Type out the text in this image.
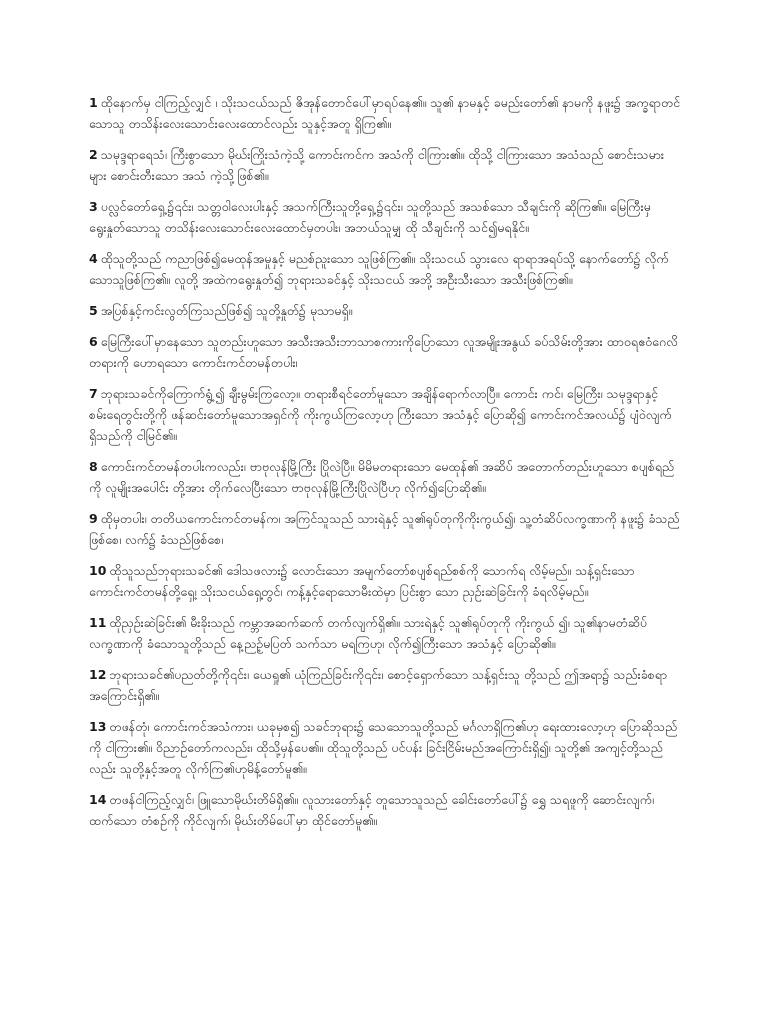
1 ထိုနောက်မှ ငါကြည့်လျှင် ၊ သိုးသငယ်သည် ဇိအုန်တောင်ပေါ်မှာရပ်နေ၏။ သူ၏ နာမနှင့် ခမည်းတော်၏ နာမကို နဖူး၌ အက္ခရာတင်သောသူ တသိန်းလေးသောင်းလေးထောင်လည်း သူနှင့်အတူ ရှိကြ၏။

2 သမုဒ္ဒရာရေသံ၊ ကြီးစွာသော မိုဃ်းကြိုးသံကဲ့သို့ ကောင်းကင်က အသံကို ငါကြား၏။ ထိုသို့ ငါကြားသော အသံသည် စောင်းသမားများ စောင်းတီးသော အသံ ကဲ့သို့ဖြစ်၏။

3 ပလ္လင်တော်ရှေ့၌၎င်း၊ သတ္တဝါလေးပါးနှင့် အသက်ကြီးသူတို့ရှေ့၌၎င်း၊ သူတို့သည် အသစ်သော သီချင်းကို ဆိုကြ၏။ မြေကြီးမှရွေးနှုတ်သောသူ တသိန်းလေးသောင်းလေးထောင်မှတပါး၊ အဘယ်သူမျှ ထို သီချင်းကို သင်၍မရနိုင်။

4 ထိုသူတို့သည် ကညာဖြစ်၍မေထုန်အမှုနှင့် မညစ်ညူးသော သူဖြစ်ကြ၏။ သိုးသငယ် သွားလေ ရာရာအရပ်သို့ နောက်တော်၌ လိုက်သောသူဖြစ်ကြ၏။ လူတို့ အထဲကရွေးနှုတ်၍ ဘုရားသခင်နှင့် သိုးသငယ် အဘို့ အဦးသီးသော အသီးဖြစ်ကြ၏။

5 အပြစ်နှင့်ကင်းလွတ်ကြသည်ဖြစ်၍ သူတို့နှုတ်၌ မုသာမရှိ။

6 မြေကြီးပေါ်မှာနေသော သူတည်းဟူသော အသီးအသီးဘာသာစကားကိုပြောသော လူအမျိုးအနွယ် ခပ်သိမ်းတို့အား ထာဝရဧဝံဂေလိတရားကို ဟောရသော ကောင်းကင်တမန်တပါး၊

7 ဘုရားသခင်ကိုကြောက်ရွံ့၍ ချီးမွမ်းကြလော့။ တရားစီရင်တော်မူသော အချိန်ရောက်လာပြီ။ ကောင်း ကင်၊ မြေကြီး၊ သမုဒ္ဒရာနှင့် စမ်းရေတွင်းတို့ကို ဖန်ဆင်းတော်မူသောအရှင်ကို ကိုးကွယ်ကြလော့ဟု ကြီးသော အသံနှင့် ပြောဆို၍ ကောင်းကင်အလယ်၌ ပျံဝဲလျက် ရှိသည်ကို ငါမြင်၏။

8 ကောင်းကင်တမန်တပါးကလည်း၊ ဗာဗုလုန်မြို့ကြီး ပြိုလဲပြီ။ မိမိမတရားသော မေထုန်၏ အဆိပ် အတောက်တည်းဟူသော စပျစ်ရည်ကို လူမျိုးအပေါင်း တို့အား တိုက်လေပြီးသော ဗာဗုလုန်မြို့ကြီးပြိုလဲပြီဟု လိုက်၍ပြောဆို၏။

9 ထိုမှတပါး၊ တတိယကောင်းကင်တမန်က၊ အကြင်သူသည် သားရဲနှင့် သူ၏ရုပ်တုကိုကိုးကွယ်၍၊ သူ့တံဆိပ်လက္ခဏာကို နဖူး၌ ခံသည်ဖြစ်စေ၊ လက်၌ ခံသည်ဖြစ်စေ၊

10 ထိုသူသည်ဘုရားသခင်၏ ဒေါသဖလား၌ လောင်းသော အမျက်တော်စပျစ်ရည်စစ်ကို သောက်ရ လိမ့်မည်။ သန့်ရှင်းသောကောင်းကင်တမန်တို့ရှေ့၊ သိုးသငယ်ရှေ့တွင်၊ ကန့်နှင့်ရောသောမီးထဲမှာ ပြင်းစွာ သော ညှဉ်းဆဲခြင်းကို ခံရလိမ့်မည်။

11 ထိုညှဉ်းဆဲခြင်း၏ မီးခိုးသည် ကမ္ဘာအဆက်ဆက် တက်လျက်ရှိ၏။ သားရဲနှင့် သူ၏ရုပ်တုကို ကိုးကွယ် ၍၊ သူ၏နာမတံဆိပ်လက္ခဏာကို ခံသောသူတို့သည် နေ့ညဉ့်မပြတ် သက်သာ မရကြဟု၊ လိုက်၍ကြီးသော အသံနှင့် ပြောဆို၏။

12 ဘုရားသခင်၏ပညတ်တို့ကို၎င်း၊ ယေရှု၏ ယုံကြည်ခြင်းကို၎င်း၊ စောင့်ရှောက်သော သန့်ရှင်းသူ တို့သည် ဤအရာ၌ သည်းခံစရာအကြောင်းရှိ၏။

13 တဖန်တုံ၊ ကောင်းကင်အသံကား၊ ယခုမှစ၍ သခင်ဘုရား၌ သေသောသူတို့သည် မင်္ဂလာရှိကြ၏ဟု ရေးထားလော့ဟု ပြောဆိုသည်ကို ငါကြား၏။ ဝိညာဉ်တော်ကလည်း၊ ထိုသို့မှန်ပေ၏။ ထိုသူတို့သည် ပင်ပန်း ခြင်းငြိမ်းမည်အကြောင်းရှိ၍၊ သူတို့၏ အကျင့်တို့သည်လည်း သူတို့နှင့်အတူ လိုက်ကြ၏ဟုမိန့်တော်မူ၏။

14 တဖန်ငါကြည့်လျှင်၊ ဖြူသောမိုဃ်းတိမ်ရှိ၏။ လူသားတော်နှင့် တူသောသူသည် ခေါင်းတော်ပေါ်၌ ရွှေ သရဖူကို ဆောင်းလျက်၊ ထက်သော တံစဉ်ကို ကိုင်လျက်၊ မိုဃ်းတိမ်ပေါ်မှာ ထိုင်တော်မူ၏။
